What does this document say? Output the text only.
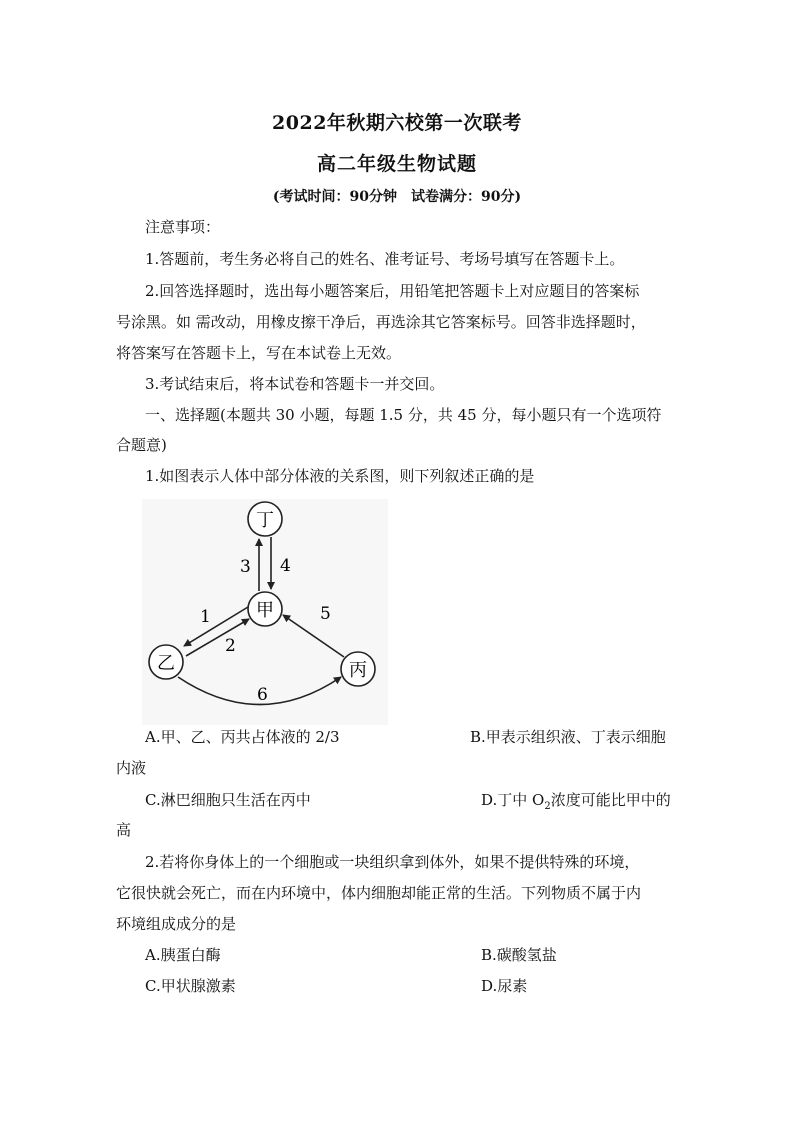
2022年秋期六校第一次联考
高二年级生物试题
(考试时间：90分钟　试卷满分：90分)
注意事项：
1.答题前，考生务必将自己的姓名、准考证号、考场号填写在答题卡上。
2.回答选择题时，选出每小题答案后，用铅笔把答题卡上对应题目的答案标
号涂黑。如 需改动，用橡皮擦干净后，再选涂其它答案标号。回答非选择题时，
将答案写在答题卡上，写在本试卷上无效。
3.考试结束后，将本试卷和答题卡一并交回。
一、选择题(本题共 30 小题，每题 1.5 分，共 45 分，每小题只有一个选项符
合题意)
1.如图表示人体中部分体液的关系图，则下列叙述正确的是
丁
甲
乙	丙
3 4
1
2
5
6
A.甲、乙、丙共占体液的 2/3	B.甲表示组织液、丁表示细胞
内液
C.淋巴细胞只生活在丙中	D.丁中 $O_2$浓度可能比甲中的
高
2.若将你身体上的一个细胞或一块组织拿到体外，如果不提供特殊的环境，
它很快就会死亡，而在内环境中，体内细胞却能正常的生活。下列物质不属于内
环境组成成分的是
A.胰蛋白酶	B.碳酸氢盐
C.甲状腺激素	D.尿素
